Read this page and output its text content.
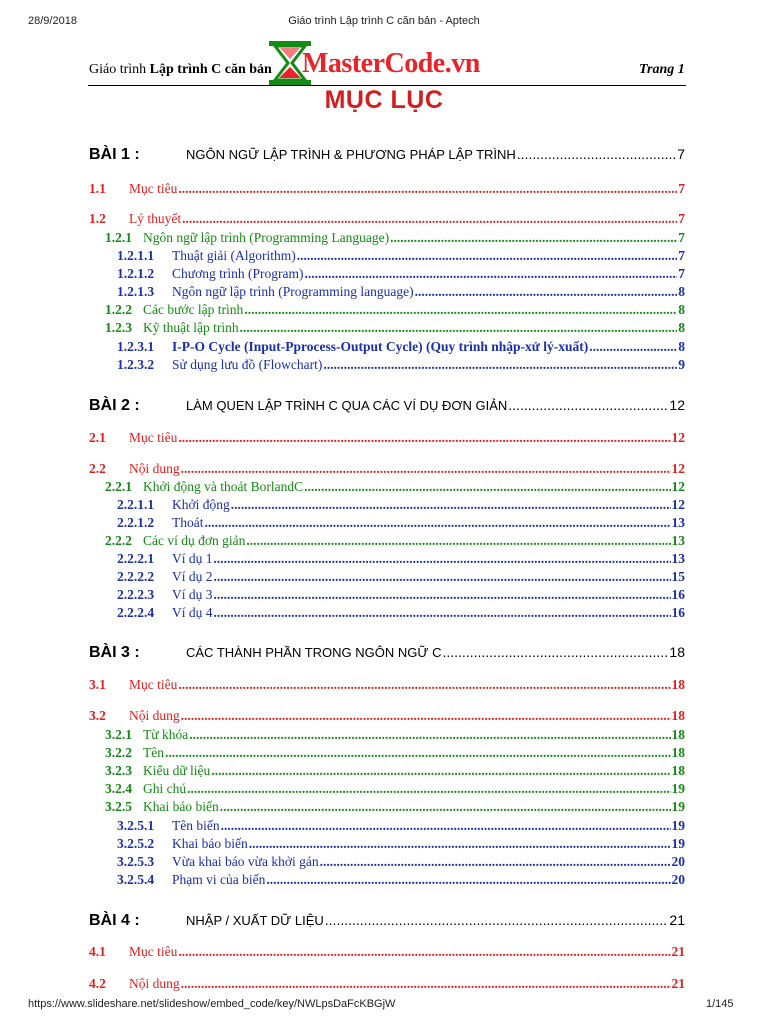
28/9/2018	Giáo trình Lập trình C căn bản - Aptech
Giáo trình Lập trình C căn bản MasterCode.vn	Trang 1
MỤC LỤC
BÀI 1 :	NGÔN NGỮ LẬP TRÌNH & PHƯƠNG PHÁP LẬP TRÌNH .....	7
1.1	Mục tiêu .....	7
1.2	Lý thuyết .....	7
1.2.1 Ngôn ngữ lập trình (Programming Language) .....	7
1.2.1.1	Thuật giải (Algorithm) .....	7
1.2.1.2	Chương trình (Program) .....	7
1.2.1.3	Ngôn ngữ lập trình (Programming language) .....	8
1.2.2 Các bước lập trình .....	8
1.2.3 Kỹ thuật lập trình .....	8
1.2.3.1	I-P-O Cycle (Input-Pprocess-Output Cycle) (Quy trình nhập-xử lý-xuất) .....	8
1.2.3.2	Sử dụng lưu đồ (Flowchart) .....	9
BÀI 2 :	LÀM QUEN LẬP TRÌNH C QUA CÁC VÍ DỤ ĐƠN GIẢN .....	12
2.1	Mục tiêu .....	12
2.2	Nội dung .....	12
2.2.1 Khởi động và thoát BorlandC .....	12
2.2.1.1	Khởi động .....	12
2.2.1.2	Thoát .....	13
2.2.2 Các ví dụ đơn giản .....	13
2.2.2.1	Ví dụ 1 .....	13
2.2.2.2	Ví dụ 2 .....	15
2.2.2.3	Ví dụ 3 .....	16
2.2.2.4	Ví dụ 4 .....	16
BÀI 3 :	CÁC THÀNH PHẦN TRONG NGÔN NGỮ C .....	18
3.1	Mục tiêu .....	18
3.2	Nội dung .....	18
3.2.1 Từ khóa .....	18
3.2.2 Tên .....	18
3.2.3 Kiểu dữ liệu .....	18
3.2.4 Ghi chú .....	19
3.2.5 Khai báo biến .....	19
3.2.5.1	Tên biến .....	19
3.2.5.2	Khai báo biến .....	19
3.2.5.3	Vừa khai báo vừa khởi gán .....	20
3.2.5.4	Phạm vi của biến .....	20
BÀI 4 :	NHẬP / XUẤT DỮ LIỆU .....	21
4.1	Mục tiêu .....	21
4.2	Nội dung .....	21
https://www.slideshare.net/slideshow/embed_code/key/NWLpsDaFcKBGjW	1/145
